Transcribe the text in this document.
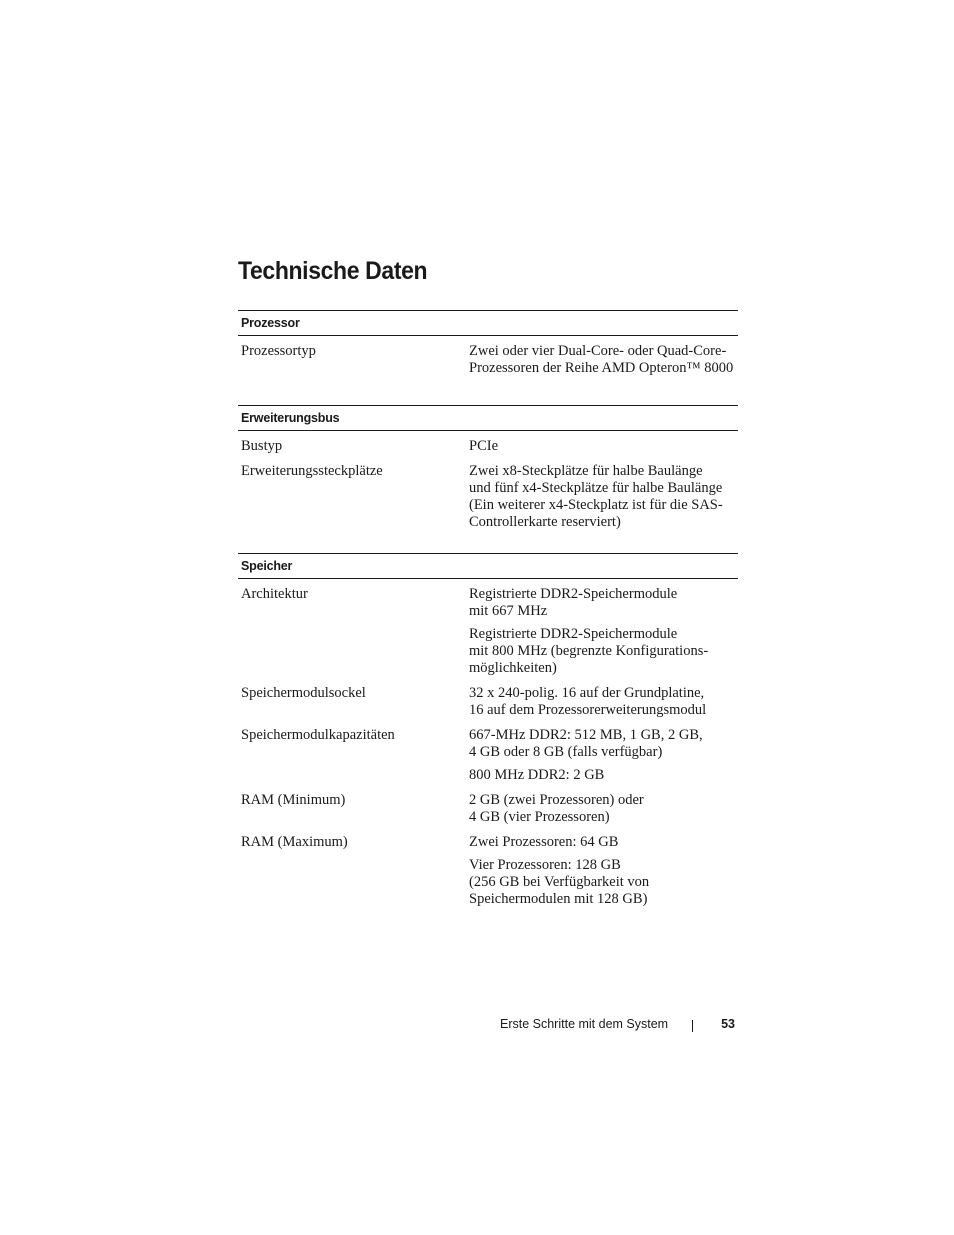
Technische Daten
Prozessor
Prozessortyp	Zwei oder vier Dual-Core- oder Quad-Core-
Prozessoren der Reihe AMD Opteron™ 8000

Erweiterungsbus
Bustyp	PCIe

Erweiterungssteckplätze	Zwei x8-Steckplätze für halbe Baulänge
und fünf x4-Steckplätze für halbe Baulänge
(Ein weiterer x4-Steckplatz ist für die SAS-
Controllerkarte reserviert)

Speicher
Architektur	Registrierte DDR2-Speichermodule
mit 667 MHz

Registrierte DDR2-Speichermodule
mit 800 MHz (begrenzte Konfigurations-
möglichkeiten)

Speichermodulsockel	32 x 240-polig. 16 auf der Grundplatine,
16 auf dem Prozessorerweiterungsmodul

Speichermodulkapazitäten	667-MHz DDR2: 512 MB, 1 GB, 2 GB,
4 GB oder 8 GB (falls verfügbar)

800 MHz DDR2: 2 GB

RAM (Minimum)	2 GB (zwei Prozessoren) oder
4 GB (vier Prozessoren)

RAM (Maximum)	Zwei Prozessoren: 64 GB

Vier Prozessoren: 128 GB
(256 GB bei Verfügbarkeit von
Speichermodulen mit 128 GB)

Erste Schritte mit dem System	53
